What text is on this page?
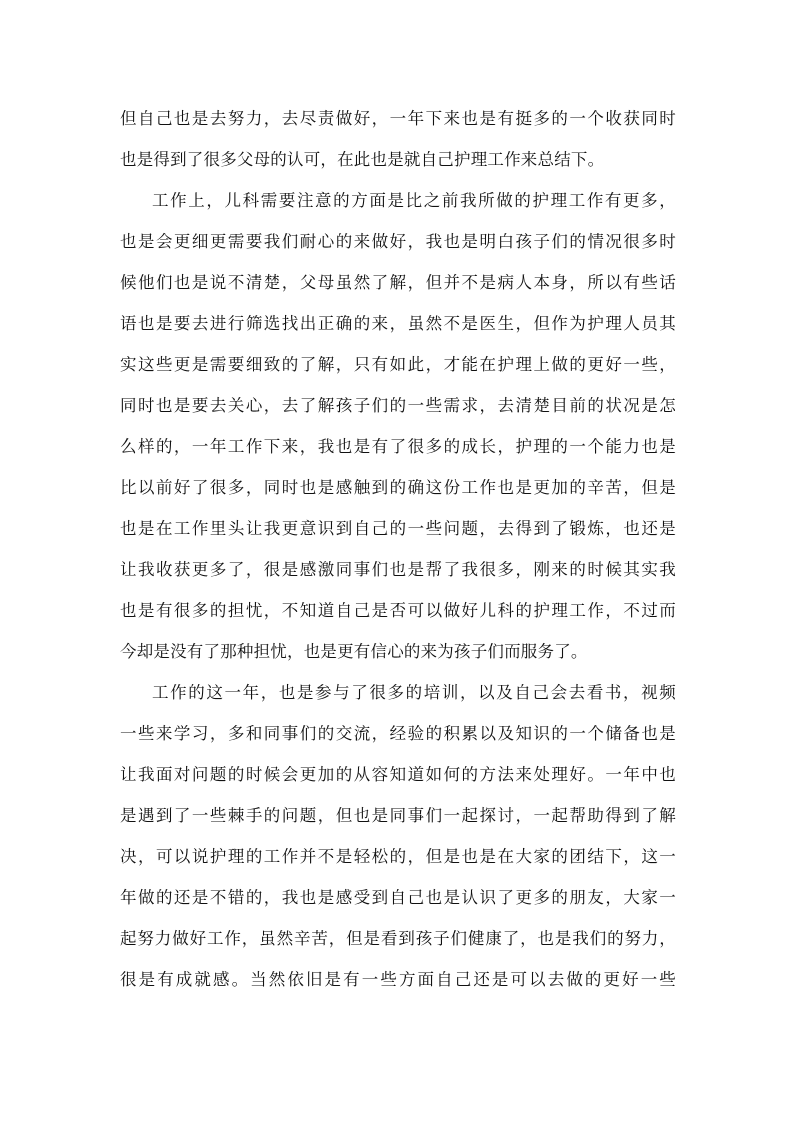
但自己也是去努力，去尽责做好，一年下来也是有挺多的一个收获同时
也是得到了很多父母的认可，在此也是就自己护理工作来总结下。
工作上，儿科需要注意的方面是比之前我所做的护理工作有更多，
也是会更细更需要我们耐心的来做好，我也是明白孩子们的情况很多时
候他们也是说不清楚，父母虽然了解，但并不是病人本身，所以有些话
语也是要去进行筛选找出正确的来，虽然不是医生，但作为护理人员其
实这些更是需要细致的了解，只有如此，才能在护理上做的更好一些，
同时也是要去关心，去了解孩子们的一些需求，去清楚目前的状况是怎
么样的，一年工作下来，我也是有了很多的成长，护理的一个能力也是
比以前好了很多，同时也是感触到的确这份工作也是更加的辛苦，但是
也是在工作里头让我更意识到自己的一些问题，去得到了锻炼，也还是
让我收获更多了，很是感激同事们也是帮了我很多，刚来的时候其实我
也是有很多的担忧，不知道自己是否可以做好儿科的护理工作，不过而
今却是没有了那种担忧，也是更有信心的来为孩子们而服务了。
工作的这一年，也是参与了很多的培训，以及自己会去看书，视频
一些来学习，多和同事们的交流，经验的积累以及知识的一个储备也是
让我面对问题的时候会更加的从容知道如何的方法来处理好。一年中也
是遇到了一些棘手的问题，但也是同事们一起探讨，一起帮助得到了解
决，可以说护理的工作并不是轻松的，但是也是在大家的团结下，这一
年做的还是不错的，我也是感受到自己也是认识了更多的朋友，大家一
起努力做好工作，虽然辛苦，但是看到孩子们健康了，也是我们的努力，
很是有成就感。当然依旧是有一些方面自己还是可以去做的更好一些
